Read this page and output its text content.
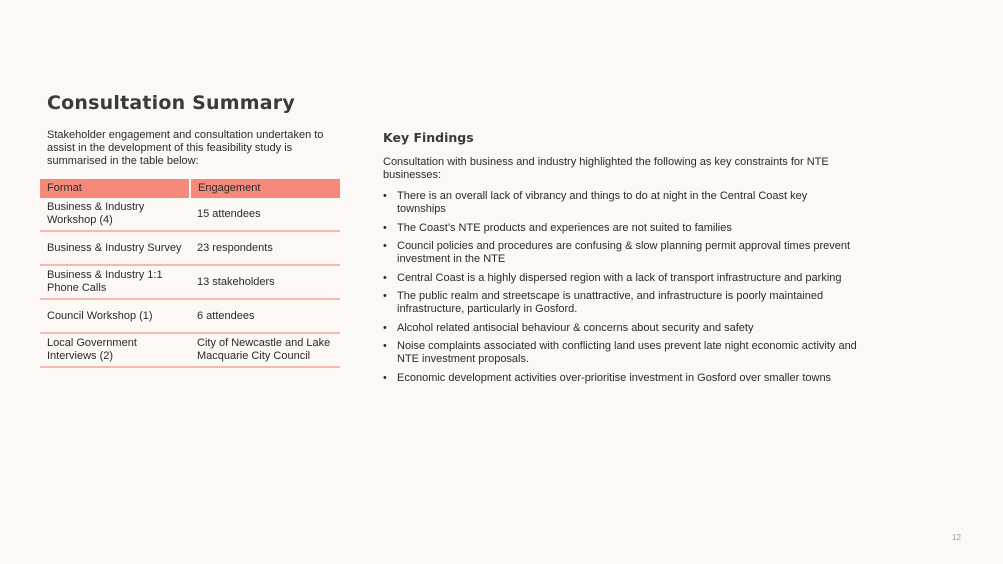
Consultation Summary

Stakeholder engagement and consultation undertaken to assist in the development of this feasibility study is summarised in the table below:

Format	Engagement
Business & Industry Workshop (4)	15 attendees
Business & Industry Survey	23 respondents
Business & Industry 1:1 Phone Calls	13 stakeholders
Council Workshop (1)	6 attendees
Local Government Interviews (2)	City of Newcastle and Lake Macquarie City Council
Key Findings

Consultation with business and industry highlighted the following as key constraints for NTE businesses:

• There is an overall lack of vibrancy and things to do at night in the Central Coast key townships
• The Coast’s NTE products and experiences are not suited to families
• Council policies and procedures are confusing & slow planning permit approval times prevent investment in the NTE
• Central Coast is a highly dispersed region with a lack of transport infrastructure and parking
• The public realm and streetscape is unattractive, and infrastructure is poorly maintained infrastructure, particularly in Gosford.
• Alcohol related antisocial behaviour & concerns about security and safety
• Noise complaints associated with conflicting land uses prevent late night economic activity and NTE investment proposals.
• Economic development activities over-prioritise investment in Gosford over smaller towns
12
